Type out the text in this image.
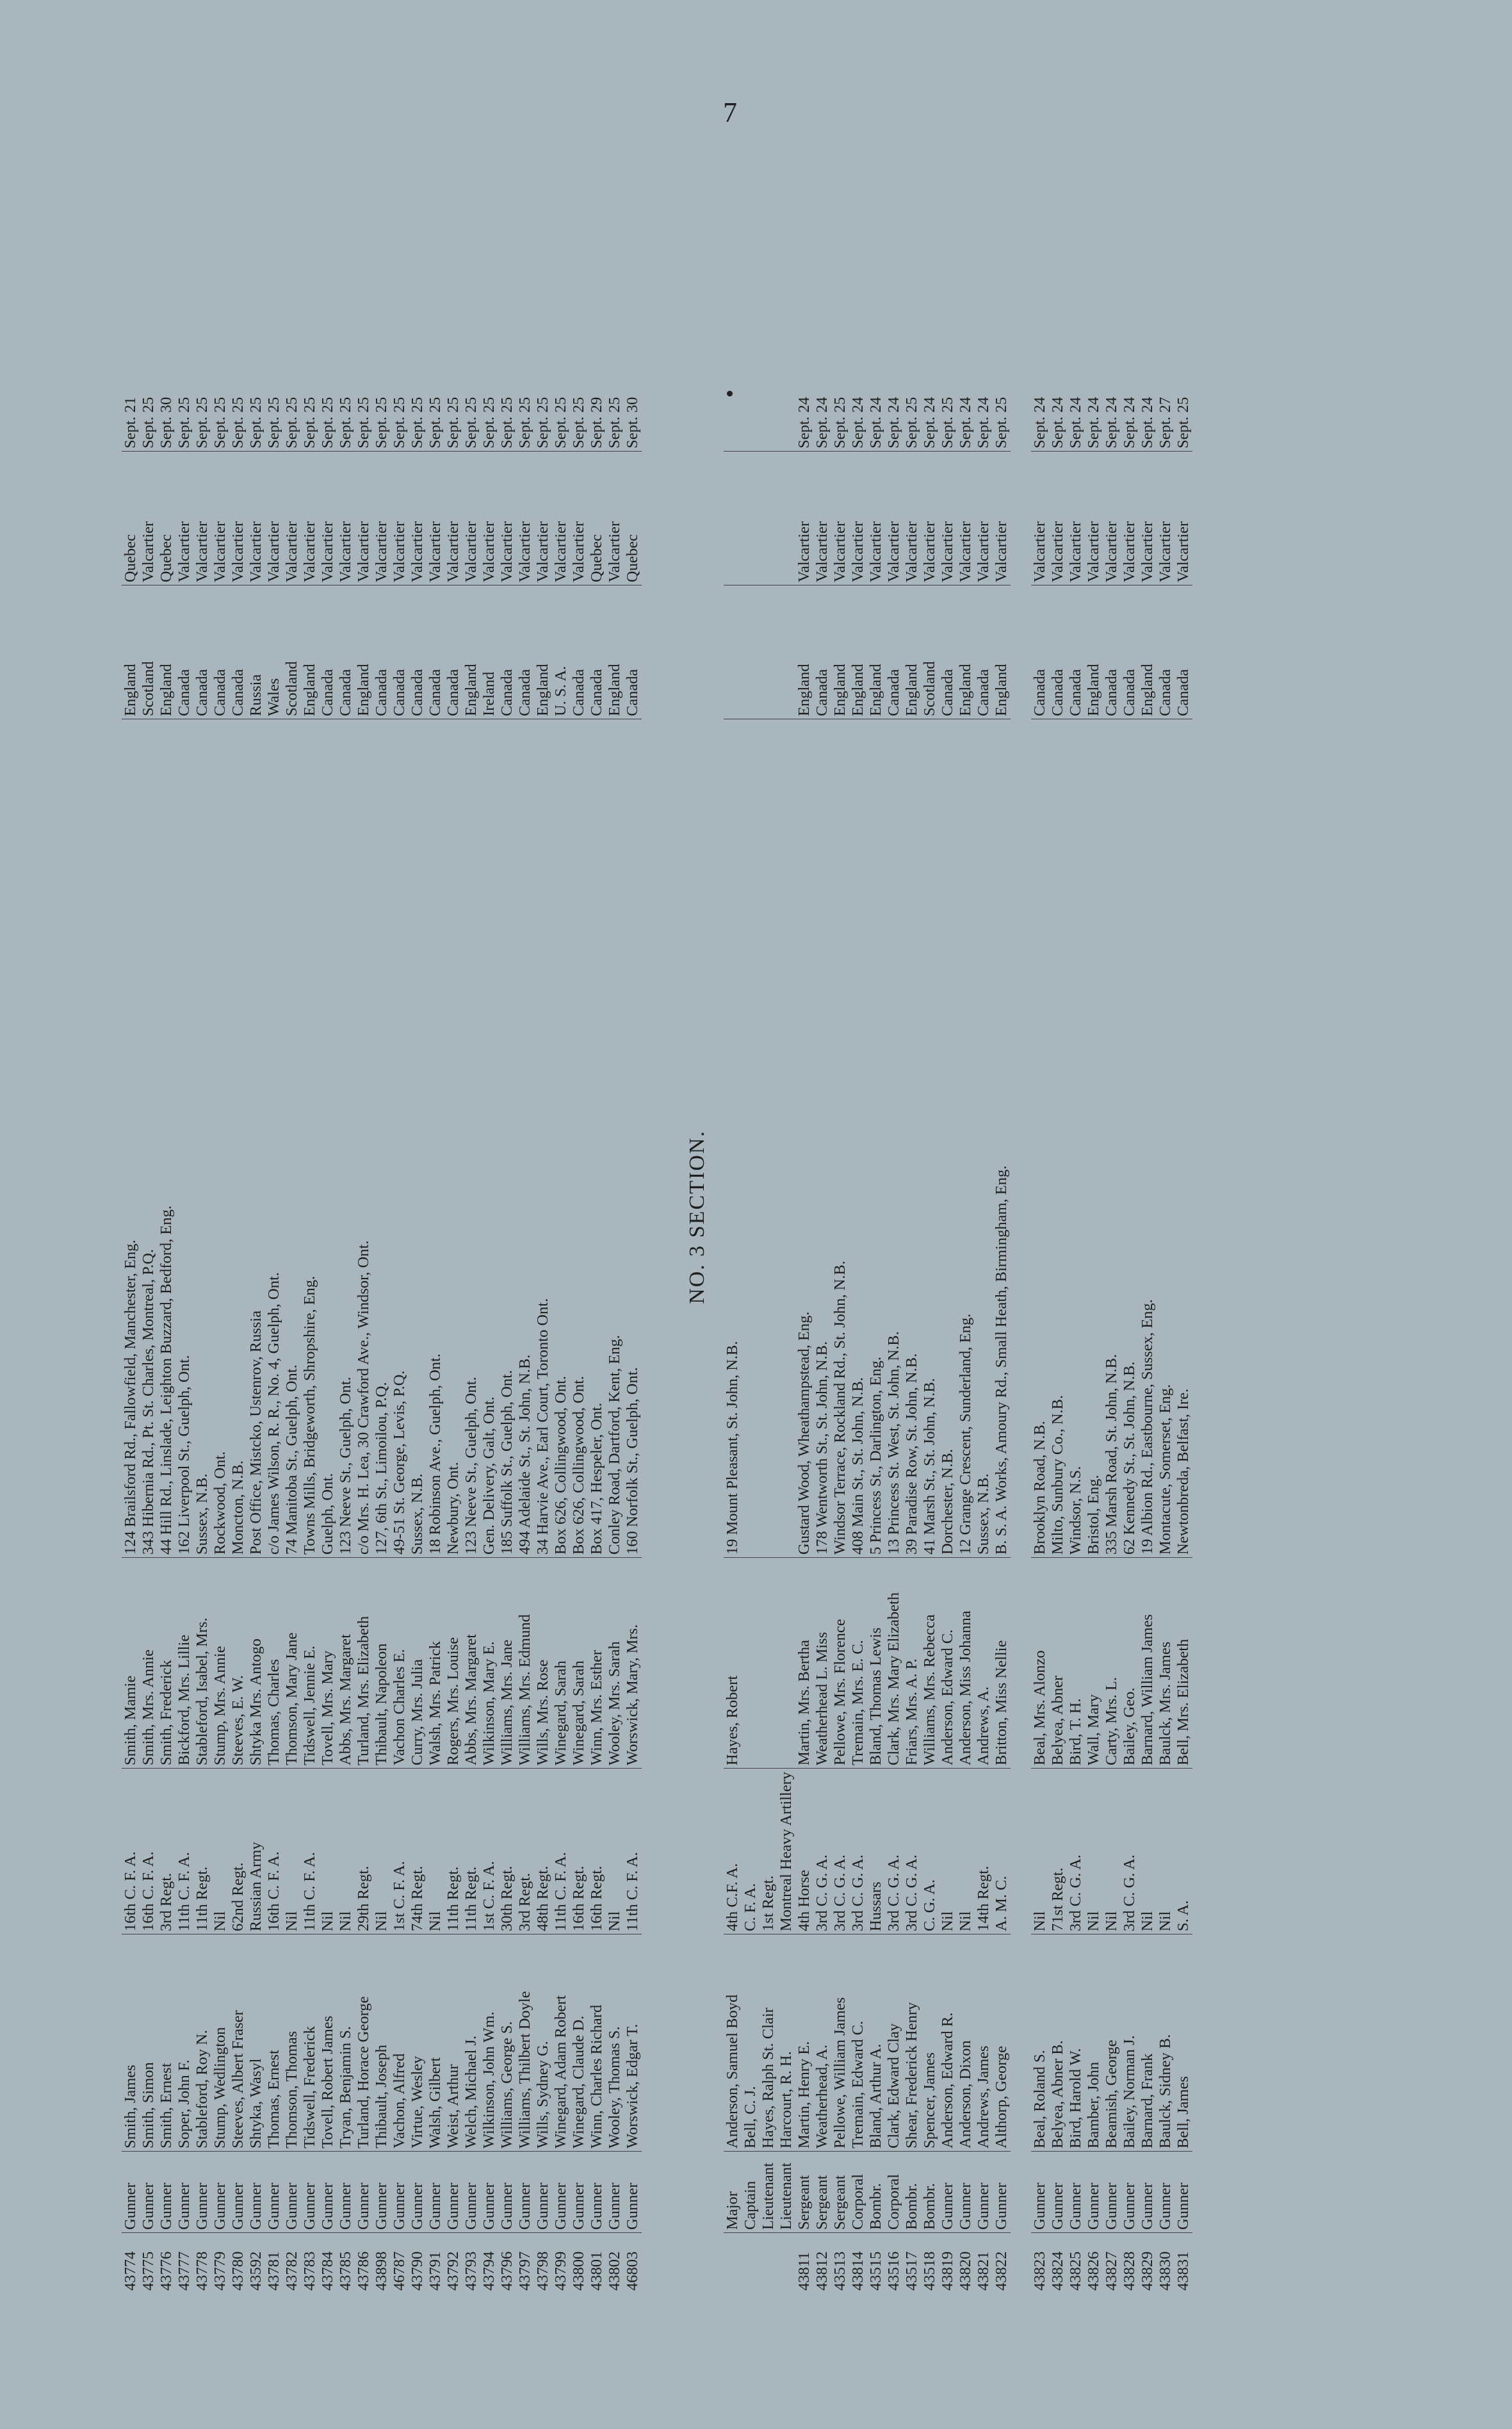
7
43774	Gunner	Smith, James	16th C. F. A.	Smith, Mamie	124 Brailsford Rd., Fallowfield, Manchester, Eng.	England	Quebec	Sept. 21
43775	Gunner	Smith, Simon	16th C. F. A.	Smith, Mrs. Annie	343 Hibernia Rd., Pt. St. Charles, Montreal, P.Q.	Scotland	Valcartier	Sept. 25
43776	Gunner	Smith, Ernest	3rd Regt.	Smith, Frederick	44 Hill Rd., Linslade, Leighton Buzzard, Bedford, Eng.	England	Quebec	Sept. 30
43777	Gunner	Soper, John F.	11th C. F. A.	Bickford, Mrs. Lillie	162 Liverpool St., Guelph, Ont.	Canada	Valcartier	Sept. 25
43778	Gunner	Stableford, Roy N.	11th Regt.	Stableford, Isabel, Mrs.	Sussex, N.B.	Canada	Valcartier	Sept. 25
43779	Gunner	Stump, Wedlington	Nil	Stump, Mrs. Annie	Rockwood, Ont.	Canada	Valcartier	Sept. 25
43780	Gunner	Steeves, Albert Fraser	62nd Regt.	Steeves, E. W.	Moncton, N.B.	Canada	Valcartier	Sept. 25
43592	Gunner	Shtyka, Wasyl	Russian Army	Shtyka Mrs. Antogo	Post Office, Mistcko, Ustenrov, Russia	Russia	Valcartier	Sept. 25
43781	Gunner	Thomas, Ernest	16th C. F. A.	Thomas, Charles	c/o James Wilson, R. R., No. 4, Guelph, Ont.	Wales	Valcartier	Sept. 25
43782	Gunner	Thomson, Thomas	Nil	Thomson, Mary Jane	74 Manitoba St., Guelph, Ont.	Scotland	Valcartier	Sept. 25
43783	Gunner	Tidswell, Frederick	11th C. F. A.	Tidswell, Jennie E.	Towns Mills, Bridgeworth, Shropshire, Eng.	England	Valcartier	Sept. 25
43784	Gunner	Tovell, Robert James	Nil	Tovell, Mrs. Mary	Guelph, Ont.	Canada	Valcartier	Sept. 25
43785	Gunner	Tryan, Benjamin S.	Nil	Abbs, Mrs. Margaret	123 Neeve St., Guelph, Ont.	Canada	Valcartier	Sept. 25
43786	Gunner	Turland, Horace George	29th Regt.	Turland, Mrs. Elizabeth	c/o Mrs. H. Lea, 30 Crawford Ave., Windsor, Ont.	England	Valcartier	Sept. 25
43898	Gunner	Thibault, Joseph	Nil	Thibault, Napoleon	127, 6th St., Limoilou, P.Q.	Canada	Valcartier	Sept. 25
46787	Gunner	Vachon, Alfred	1st C. F. A.	Vachon Charles E.	49-51 St. George, Levis, P.Q.	Canada	Valcartier	Sept. 25
43790	Gunner	Virtue, Wesley	74th Regt.	Curry, Mrs. Julia	Sussex, N.B.	Canada	Valcartier	Sept. 25
43791	Gunner	Walsh, Gilbert	Nil	Walsh, Mrs. Patrick	18 Robinson Ave., Guelph, Ont.	Canada	Valcartier	Sept. 25
43792	Gunner	Weist, Arthur	11th Regt.	Rogers, Mrs. Louise	Newbury, Ont.	Canada	Valcartier	Sept. 25
43793	Gunner	Welch, Michael J.	11th Regt.	Abbs, Mrs. Margaret	123 Neeve St., Guelph, Ont.	England	Valcartier	Sept. 25
43794	Gunner	Wilkinson, John Wm.	1st C. F. A.	Wilkinson, Mary E.	Gen. Delivery, Galt, Ont.	Ireland	Valcartier	Sept. 25
43796	Gunner	Williams, George S.	30th Regt.	Williams, Mrs. Jane	185 Suffolk St., Guelph, Ont.	Canada	Valcartier	Sept. 25
43797	Gunner	Williams, Thilbert Doyle	3rd Regt.	Williams, Mrs. Edmund	494 Adelaide St., St. John, N.B.	Canada	Valcartier	Sept. 25
43798	Gunner	Wills, Sydney G.	48th Regt.	Wills, Mrs. Rose	34 Harvie Ave., Earl Court, Toronto Ont.	England	Valcartier	Sept. 25
43799	Gunner	Winegard, Adam Robert	11th C. F. A.	Winegard, Sarah	Box 626, Collingwood, Ont.	U. S. A.	Valcartier	Sept. 25
43800	Gunner	Winegard, Claude D.	16th Regt.	Winegard, Sarah	Box 626, Collingwood, Ont.	Canada	Valcartier	Sept. 25
43801	Gunner	Winn, Charles Richard	16th Regt.	Winn, Mrs. Esther	Box 417, Hespeler, Ont.	Canada	Quebec	Sept. 29
43802	Gunner	Wooley, Thomas S.	Nil	Wooley, Mrs. Sarah	Conley Road, Dartford, Kent, Eng.	England	Valcartier	Sept. 25
46803	Gunner	Worswick, Edgar T.	11th C. F. A.	Worswick, Mary, Mrs.	160 Norfolk St., Guelph, Ont.	Canada	Quebec	Sept. 30
NO. 3 SECTION.
	Major	Anderson, Samuel Boyd	4th C.F. A.	Hayes, Robert	19 Mount Pleasant, St. John, N.B.			
	Captain	Bell, C. J.	C. F. A.					
	Lieutenant	Hayes, Ralph St. Clair	1st Regt.					
	Lieutenant	Harcourt, R. H.	Montreal Heavy Artillery					
43811	Sergeant	Martin, Henry E.	4th Horse	Martin, Mrs. Bertha	Gustard Wood, Wheathampstead, Eng.	England	Valcartier	Sept. 24
43812	Sergeant	Weatherhead, A.	3rd C. G. A.	Weatherhead L. Miss	178 Wentworth St., St. John, N.B.	Canada	Valcartier	Sept. 24
43513	Sergeant	Pellowe, William James	3rd C. G. A.	Pellowe, Mrs. Florence	Windsor Terrace, Rockland Rd., St. John, N.B.	England	Valcartier	Sept. 25
43814	Corporal	Tremain, Edward C.	3rd C. G. A.	Tremain, Mrs. E. C.	408 Main St., St. John, N.B.	England	Valcartier	Sept. 24
43515	Bombr.	Bland, Arthur A.	Hussars	Bland, Thomas Lewis	5 Princess St., Darlington, Eng.	England	Valcartier	Sept. 24
43516	Corporal	Clark, Edward Clay	3rd C. G. A.	Clark, Mrs. Mary Elizabeth	13 Princess St. West, St. John, N.B.	Canada	Valcartier	Sept. 24
43517	Bombr.	Shear, Frederick Henry	3rd C. G. A.	Friars, Mrs. A. P.	39 Paradise Row, St. John, N.B.	England	Valcartier	Sept. 25
43518	Bombr.	Spencer, James	C. G. A.	Williams, Mrs. Rebecca	41 Marsh St., St. John, N.B.	Scotland	Valcartier	Sept. 24
43819	Gunner	Anderson, Edward R.	Nil	Anderson, Edward C.	Dorchester, N.B.	Canada	Valcartier	Sept. 25
43820	Gunner	Anderson, Dixon	Nil	Anderson, Miss Johanna	12 Grange Crescent, Sunderland, Eng.	England	Valcartier	Sept. 24
43821	Gunner	Andrews, James	14th Regt.	Andrews, A.	Sussex, N.B.	Canada	Valcartier	Sept. 24
43822	Gunner	Althorp, George	A. M. C.	Britton, Miss Nellie	B. S. A. Works, Amoury Rd., Small Heath, Birmingham, Eng.	England	Valcartier	Sept. 25
43823	Gunner	Beal, Roland S.	Nil	Beal, Mrs. Alonzo	Brooklyn Road, N.B.	Canada	Valcartier	Sept. 24
43824	Gunner	Belyea, Abner B.	71st Regt.	Belyea, Abner	Milto, Sunbury Co., N.B.	Canada	Valcartier	Sept. 24
43825	Gunner	Bird, Harold W.	3rd C. G. A.	Bird, T. H.	Windsor, N.S.	Canada	Valcartier	Sept. 24
43826	Gunner	Bamber, John	Nil	Wall, Mary	Bristol, Eng.	England	Valcartier	Sept. 24
43827	Gunner	Beamish, George	Nil	Carty, Mrs. L.	335 Marsh Road, St. John, N.B.	Canada	Valcartier	Sept. 24
43828	Gunner	Bailey, Norman J.	3rd C. G. A.	Bailey, Geo.	62 Kennedy St., St. John, N.B.	Canada	Valcartier	Sept. 24
43829	Gunner	Barnard, Frank	Nil	Barnard, William James	19 Albion Rd., Eastbourne, Sussex, Eng.	England	Valcartier	Sept. 24
43830	Gunner	Baulck, Sidney B.	Nil	Baulck, Mrs. James	Montacute, Somerset, Eng.	Canada	Valcartier	Sept. 27
43831	Gunner	Bell, James	S. A.	Bell, Mrs. Elizabeth	Newtonbreda, Belfast, Ire.	Canada	Valcartier	Sept. 25
